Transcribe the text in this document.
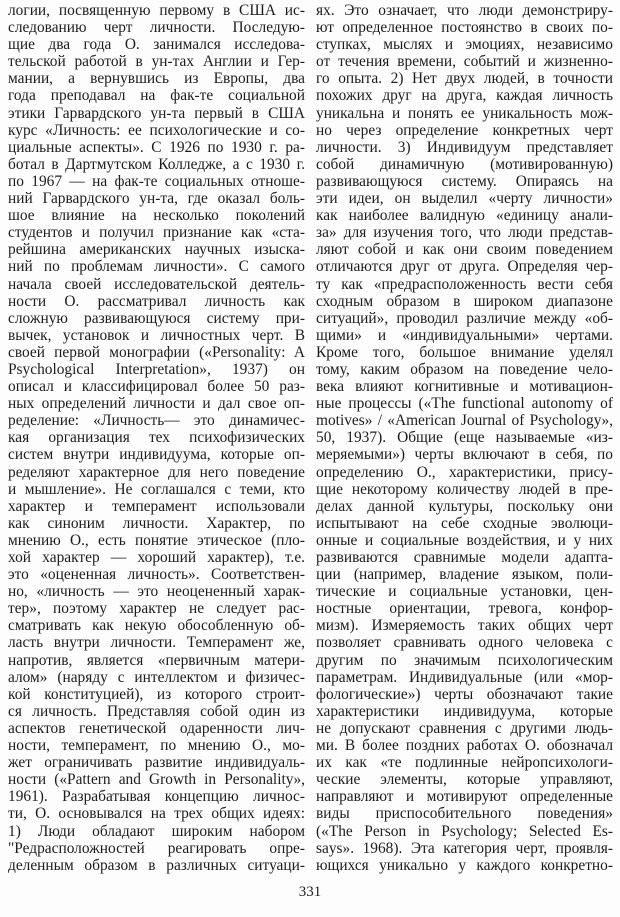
логии, посвященную первому в США ис-
следованию черт личности. Последую-
щие два года О. занимался исследова-
тельской работой в ун-тах Англии и Гер-
мании, а вернувшись из Европы, два
года преподавал на фак-те социальной
этики Гарвардского ун-та первый в США
курс «Личность: ее психологические и со-
циальные аспекты». С 1926 по 1930 г. ра-
ботал в Дартмутском Колледже, а с 1930 г.
по 1967 — на фак-те социальных отноше-
ний Гарвардского ун-та, где оказал боль-
шое влияние на несколько поколений
студентов и получил признание как «ста-
рейшина американских научных изыска-
ний по проблемам личности». С самого
начала своей исследовательской деятель-
ности О. рассматривал личность как
сложную развивающуюся систему при-
вычек, установок и личностных черт. В
своей первой монографии («Personality: A
Psychological Interpretation», 1937) он
описал и классифицировал более 50 раз-
ных определений личности и дал свое оп-
ределение: «Личность— это динамичес-
кая организация тех психофизических
систем внутри индивидуума, которые оп-
ределяют характерное для него поведение
и мышление». Не соглашался с теми, кто
характер и темперамент использовали
как синоним личности. Характер, по
мнению О., есть понятие этическое (пло-
хой характер — хороший характер), т.е.
это «оцененная личность». Соответствен-
но, «личность — это неоцененный харак-
тер», поэтому характер не следует рас-
сматривать как некую обособленную об-
ласть внутри личности. Темперамент же,
напротив, является «первичным матери-
алом» (наряду с интеллектом и физичес-
кой конституцией), из которого строит-
ся личность. Представляя собой один из
аспектов генетической одаренности лич-
ности, темперамент, по мнению О., мо-
жет ограничивать развитие индивидуаль-
ности («Pattern and Growth in Personality»,
1961). Разрабатывая концепцию личнос-
ти, О. основывался на трех общих идеях:
1) Люди обладают широким набором
"Редрасположностей реагировать опре-
деленным образом в различных ситуаци-
ях. Это означает, что люди демонстриру-
ют определенное постоянство в своих по-
ступках, мыслях и эмоциях, независимо
от течения времени, событий и жизненно-
го опыта. 2) Нет двух людей, в точности
похожих друг на друга, каждая личность
уникальна и понять ее уникальность мож-
но через определение конкретных черт
личности. 3) Индивидуум представляет
собой динамичную (мотивированную)
развивающуюся систему. Опираясь на
эти идеи, он выделил «черту личности»
как наиболее валидную «единицу анали-
за» для изучения того, что люди представ-
ляют собой и как они своим поведением
отличаются друг от друга. Определяя чер-
ту как «предрасположенность вести себя
сходным образом в широком диапазоне
ситуаций», проводил различие между «об-
щими» и «индивидуальными» чертами.
Кроме того, большое внимание уделял
тому, каким образом на поведение чело-
века влияют когнитивные и мотивацион-
ные процессы («The functional autonomy of
motives» / «American Journal of Psychology»,
50, 1937). Общие (еще называемые «из-
меряемыми») черты включают в себя, по
определению О., характеристики, прису-
щие некоторому количеству людей в пре-
делах данной культуры, поскольку они
испытывают на себе сходные эволюци-
онные и социальные воздействия, и у них
развиваются сравнимые модели адапта-
ции (например, владение языком, поли-
тические и социальные установки, цен-
ностные ориентации, тревога, конфор-
мизм). Измеряемость таких общих черт
позволяет сравнивать одного человека с
другим по значимым психологическим
параметрам. Индивидуальные (или «мор-
фологические») черты обозначают такие
характеристики индивидуума, которые
не допускают сравнения с другими людь-
ми. В более поздних работах О. обозначал
их как «те подлинные нейропсихологи-
ческие элементы, которые управляют,
направляют и мотивируют определенные
виды приспособительного поведения»
(«The Person in Psychology; Selected Es-
says». 1968). Эта категория черт, проявля-
ющихся уникально у каждого конкретно-
331
